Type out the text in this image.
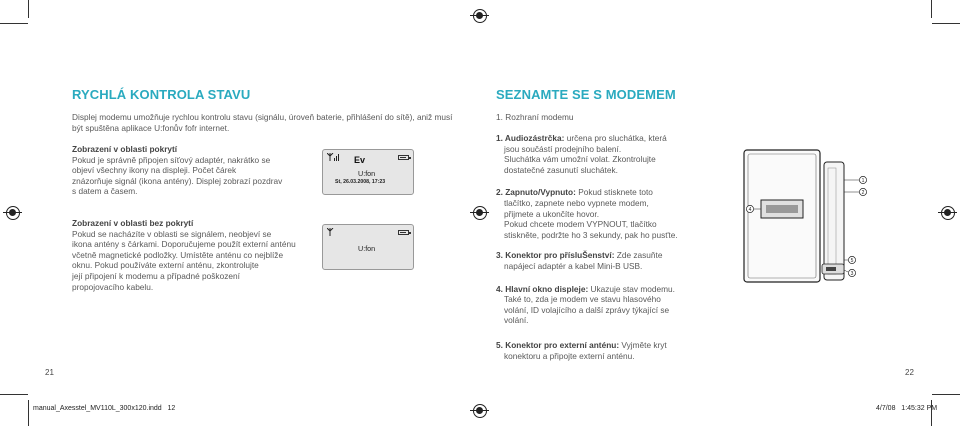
RYCHLÁ KONTROLA STAVU

Displej modemu umožňuje rychlou kontrolu stavu (signálu, úroveň baterie, přihlášení do sítě), aniž musí

být spuštěna aplikace U:fonův fofr internet.

Zobrazení v oblasti pokrytí

Pokud je správně připojen síťový adaptér, nakrátko se

objeví všechny ikony na displeji. Počet čárek

znázorňuje signál (ikona antény). Displej zobrazí pozdrav

s datem a časem.

Zobrazení v oblasti bez pokrytí

Pokud se nacházíte v oblasti se signálem, neobjeví se

ikona antény s čárkami. Doporučujeme použít externí anténu

včetně magnetické podložky. Umístěte anténu co nejblíže

oknu. Pokud používáte externí anténu, zkontrolujte

její připojení k modemu a případné poškození

propojovacího kabelu.

Ev
U:fon
St, 26.03.2008, 17:23
U:fon
21
SEZNAMTE SE S MODEMEM
1. Rozhraní modemu

1. Audiozástrčka: určena pro sluchátka, která

jsou součástí prodejního balení.

Sluchátka vám umožní volat. Zkontrolujte

dostatečné zasunutí sluchátek.

2. Zapnuto/Vypnuto: Pokud stisknete toto

tlačítko, zapnete nebo vypnete modem,

přijmete a ukončíte hovor.

Pokud chcete modem VYPNOUT, tlačítko

stiskněte, podržte ho 3 sekundy, pak ho pusťte.

3. Konektor pro přísluŠenství: Zde zasuňte

napájecí adaptér a kabel Mini-B USB.

4. Hlavní okno displeje: Ukazuje stav modemu.

Také to, zda je modem ve stavu hlasového

volání, ID volajícího a další zprávy týkající se

volání.

5. Konektor pro externí anténu: Vyjměte kryt

konektoru a připojte externí anténu.

1
2
3
4
5
22
manual_Axesstel_MV110L_300x120.indd   12	4/7/08   1:45:32 PM
